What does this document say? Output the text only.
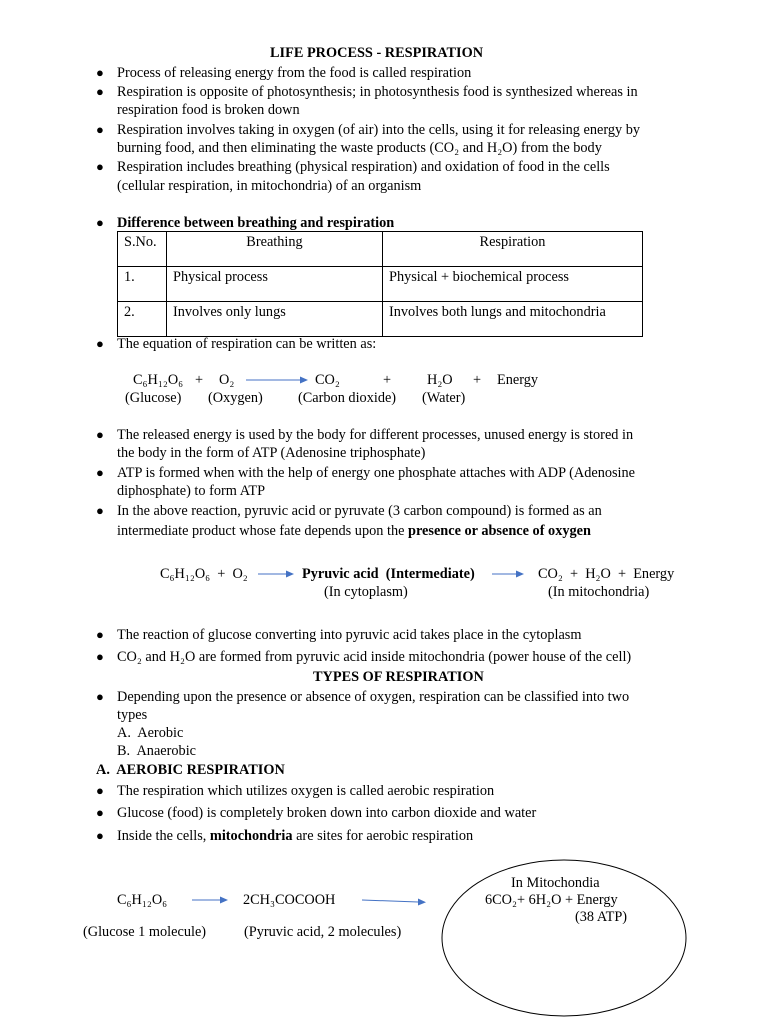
LIFE PROCESS - RESPIRATION
● Process of releasing energy from the food is called respiration
● Respiration is opposite of photosynthesis; in photosynthesis food is synthesized whereas in
respiration food is broken down
● Respiration involves taking in oxygen (of air) into the cells, using it for releasing energy by
burning food, and then eliminating the waste products (CO₂ and H₂O) from the body
● Respiration includes breathing (physical respiration) and oxidation of food in the cells
(cellular respiration, in mitochondria) of an organism
● Difference between breathing and respiration
S.No.	Breathing	Respiration
1.	Physical process	Physical + biochemical process
2.	Involves only lungs	Involves both lungs and mitochondria
● The equation of respiration can be written as:
C₆H₁₂O₆ + O₂	CO₂	+	H₂O + Energy
(Glucose) (Oxygen) (Carbon dioxide) (Water)
● The released energy is used by the body for different processes, unused energy is stored in
the body in the form of ATP (Adenosine triphosphate)
● ATP is formed when with the help of energy one phosphate attaches with ADP (Adenosine
diphosphate) to form ATP
● In the above reaction, pyruvic acid or pyruvate (3 carbon compound) is formed as an
intermediate product whose fate depends upon the presence or absence of oxygen
C₆H₁₂O₆  +  O₂	Pyruvic acid  (Intermediate)	CO₂  +  H₂O  +  Energy
(In cytoplasm)	(In mitochondria)
● The reaction of glucose converting into pyruvic acid takes place in the cytoplasm
● CO₂ and H₂O are formed from pyruvic acid inside mitochondria (power house of the cell)
TYPES OF RESPIRATION
● Depending upon the presence or absence of oxygen, respiration can be classified into two
types
A.  Aerobic
B.  Anaerobic
A.  AEROBIC RESPIRATION
● The respiration which utilizes oxygen is called aerobic respiration
● Glucose (food) is completely broken down into carbon dioxide and water
● Inside the cells, mitochondria are sites for aerobic respiration
C₆H₁₂O₆	2CH₃COCOOH
(Glucose 1 molecule)	(Pyruvic acid, 2 molecules)
In Mitochondia
6CO₂+ 6H₂O + Energy
(38 ATP)
